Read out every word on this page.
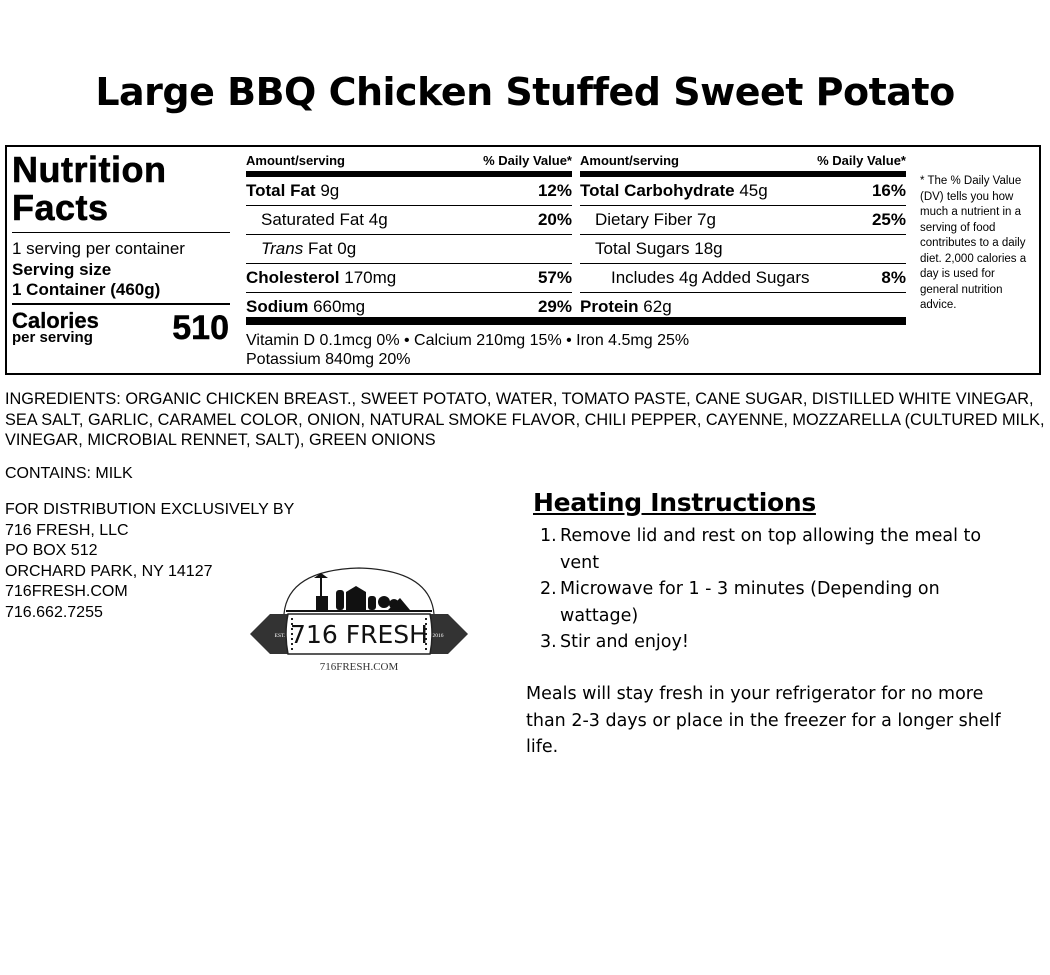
Large BBQ Chicken Stuffed Sweet Potato
Nutrition
Facts
1 serving per container
Serving size
1 Container (460g)
Calories
per serving	510
Amount/serving	% Daily Value*
Total Fat 9g	12%
Saturated Fat 4g	20%
Trans Fat 0g
Cholesterol 170mg	57%
Sodium 660mg	29%
Amount/serving	% Daily Value*
Total Carbohydrate 45g	16%
Dietary Fiber 7g	25%
Total Sugars 18g
Includes 4g Added Sugars	8%
Protein 62g
Vitamin D 0.1mcg 0% • Calcium 210mg 15% • Iron 4.5mg 25%
Potassium 840mg 20%
* The % Daily Value (DV) tells you how much a nutrient in a serving of food contributes to a daily diet. 2,000 calories a day is used for general nutrition advice.
INGREDIENTS: ORGANIC CHICKEN BREAST., SWEET POTATO, WATER, TOMATO PASTE, CANE SUGAR, DISTILLED WHITE VINEGAR, SEA SALT, GARLIC, CARAMEL COLOR, ONION, NATURAL SMOKE FLAVOR, CHILI PEPPER, CAYENNE, MOZZARELLA (CULTURED MILK, VINEGAR, MICROBIAL RENNET, SALT), GREEN ONIONS
CONTAINS: MILK
FOR DISTRIBUTION EXCLUSIVELY BY
716 FRESH, LLC
PO BOX 512
ORCHARD PARK, NY 14127
716FRESH.COM
716.662.7255
EST.	2016
716 FRESH
716FRESH.COM
Heating Instructions
1. Remove lid and rest on top allowing the meal to vent
2. Microwave for 1 - 3 minutes (Depending on wattage)
3. Stir and enjoy!
Meals will stay fresh in your refrigerator for no more than 2-3 days or place in the freezer for a longer shelf life.
